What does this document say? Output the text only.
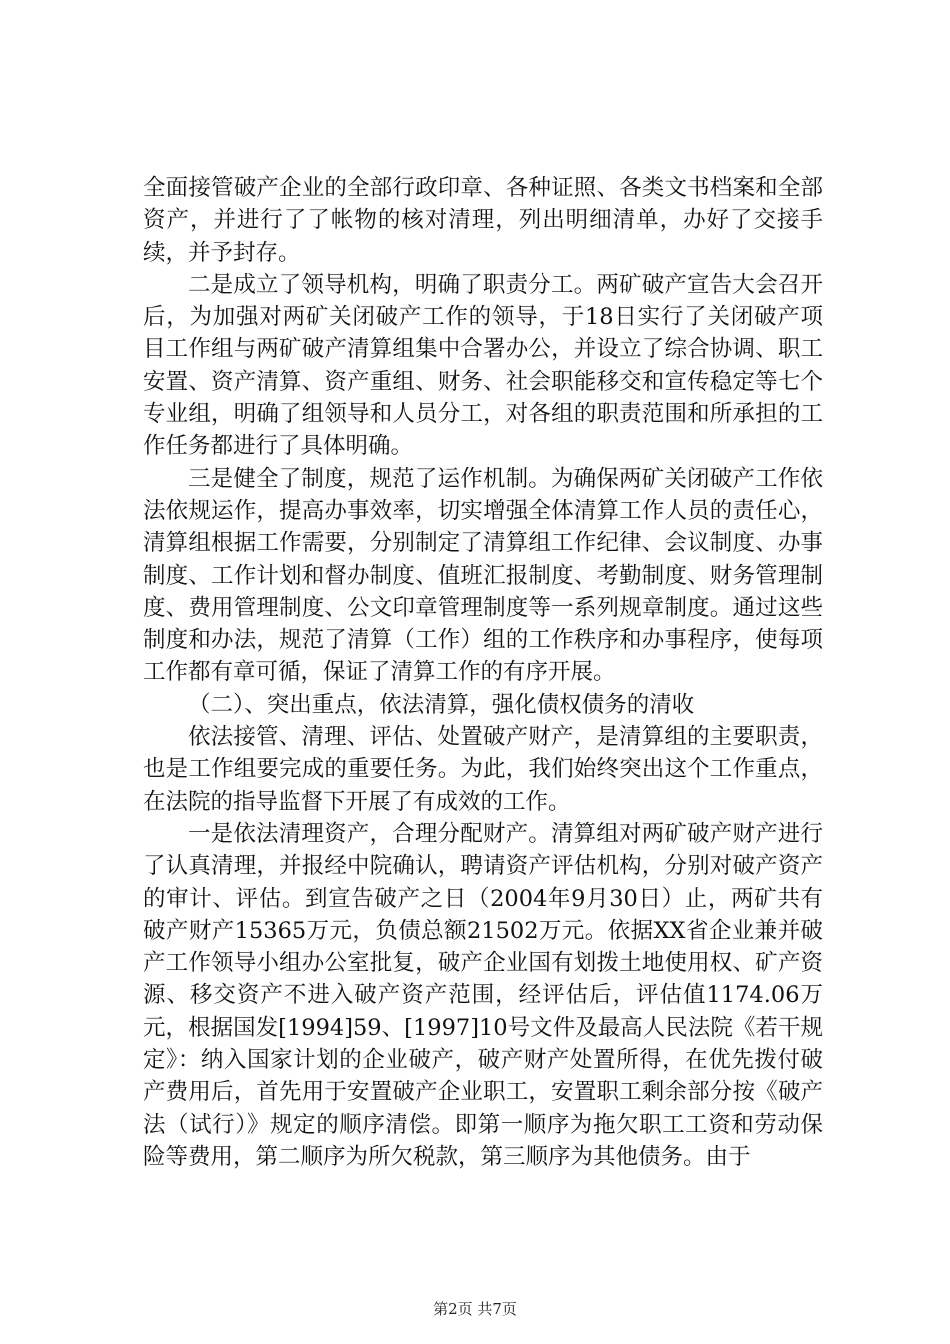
全面接管破产企业的全部行政印章、各种证照、各类文书档案和全部资产，并进行了了帐物的核对清理，列出明细清单，办好了交接手续，并予封存。

二是成立了领导机构，明确了职责分工。两矿破产宣告大会召开后，为加强对两矿关闭破产工作的领导，于18日实行了关闭破产项目工作组与两矿破产清算组集中合署办公，并设立了综合协调、职工安置、资产清算、资产重组、财务、社会职能移交和宣传稳定等七个专业组，明确了组领导和人员分工，对各组的职责范围和所承担的工作任务都进行了具体明确。

三是健全了制度，规范了运作机制。为确保两矿关闭破产工作依法依规运作，提高办事效率，切实增强全体清算工作人员的责任心，清算组根据工作需要，分别制定了清算组工作纪律、会议制度、办事制度、工作计划和督办制度、值班汇报制度、考勤制度、财务管理制度、费用管理制度、公文印章管理制度等一系列规章制度。通过这些制度和办法，规范了清算（工作）组的工作秩序和办事程序，使每项工作都有章可循，保证了清算工作的有序开展。

（二）、突出重点，依法清算，强化债权债务的清收

依法接管、清理、评估、处置破产财产，是清算组的主要职责，也是工作组要完成的重要任务。为此，我们始终突出这个工作重点，在法院的指导监督下开展了有成效的工作。

一是依法清理资产，合理分配财产。清算组对两矿破产财产进行了认真清理，并报经中院确认，聘请资产评估机构，分别对破产资产的审计、评估。到宣告破产之日（2004年9月30日）止，两矿共有破产财产15365万元，负债总额21502万元。依据XX省企业兼并破产工作领导小组办公室批复，破产企业国有划拨土地使用权、矿产资源、移交资产不进入破产资产范围，经评估后，评估值1174.06万元，根据国发[1994]59、[1997]10号文件及最高人民法院《若干规定》：纳入国家计划的企业破产，破产财产处置所得，在优先拨付破产费用后，首先用于安置破产企业职工，安置职工剩余部分按《破产法（试行）》规定的顺序清偿。即第一顺序为拖欠职工工资和劳动保险等费用，第二顺序为所欠税款，第三顺序为其他债务。由于

第2页 共7页
